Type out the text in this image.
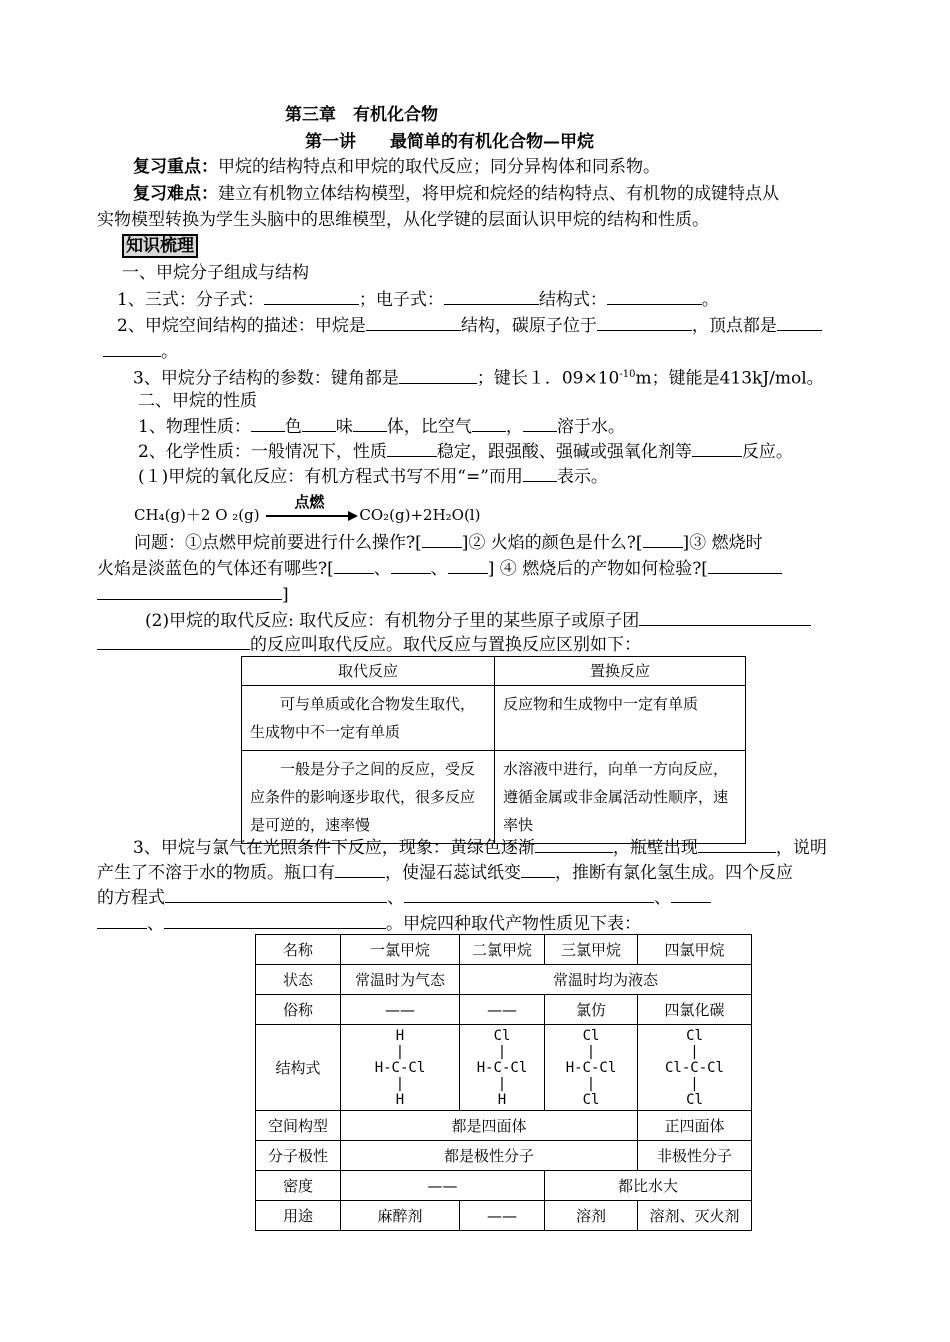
第三章　有机化合物
第一讲　　最简单的有机化合物—甲烷
复习重点：甲烷的结构特点和甲烷的取代反应；同分异构体和同系物。
复习难点：建立有机物立体结构模型，将甲烷和烷烃的结构特点、有机物的成键特点从
实物模型转换为学生头脑中的思维模型，从化学键的层面认识甲烷的结构和性质。
知识梳理
一、甲烷分子组成与结构
1、三式：分子式：	；电子式：	结构式：	。
2、甲烷空间结构的描述：甲烷是	结构，碳原子位于	，顶点都是
。
3、甲烷分子结构的参数：键角都是	；键长１．$09\times 10^{-10}m$；键能是413kJ/mol。
二、甲烷的性质
1、物理性质： 色 味 体，比空气 ， 溶于水。
2、化学性质：一般情况下，性质	稳定，跟强酸、强碱或强氧化剂等	反应。
(１)甲烷的氧化反应：有机方程式书写不用“=”而用 表示。
CH₄(g)＋2 O ₂(g)
点燃
CO₂(g)+2H₂O(l)
问题：①点燃甲烷前要进行什么操作?[ ]② 火焰的颜色是什么?[ ]③ 燃烧时
火焰是淡蓝色的气体还有哪些?[ 、 、 ] ④ 燃烧后的产物如何检验?[
]
(2)甲烷的取代反应: 取代反应：有机物分子里的某些原子或原子团
的反应叫取代反应。取代反应与置换反应区别如下：
取代反应	置换反应
　　可与单质或化合物发生取代，生成物中不一定有单质	反应物和生成物中一定有单质
　　一般是分子之间的反应，受反应条件的影响逐步取代，很多反应是可逆的，速率慢	水溶液中进行，向单一方向反应，遵循金属或非金属活动性顺序，速率快
3、甲烷与氯气在光照条件下反应，现象：黄绿色逐渐	，瓶壁出现	，说明
产生了不溶于水的物质。瓶口有	，使湿石蕊试纸变 ，推断有氯化氢生成。四个反应
的方程式	、	、
、	。甲烷四种取代产物性质见下表：
名称	一氯甲烷	二氯甲烷	三氯甲烷	四氯甲烷
状态	常温时为气态	常温时均为液态		
俗称	——	——	氯仿	四氯化碳
结构式	H
|
H-C-Cl
|
H	Cl
|
H-C-Cl
|
H	Cl
|
H-C-Cl
|
Cl	Cl
|
Cl-C-Cl
|
Cl
空间构型	都是四面体			正四面体
分子极性	都是极性分子			非极性分子
密度	——		都比水大	
用途	麻醉剂	——	溶剂	溶剂、灭火剂
